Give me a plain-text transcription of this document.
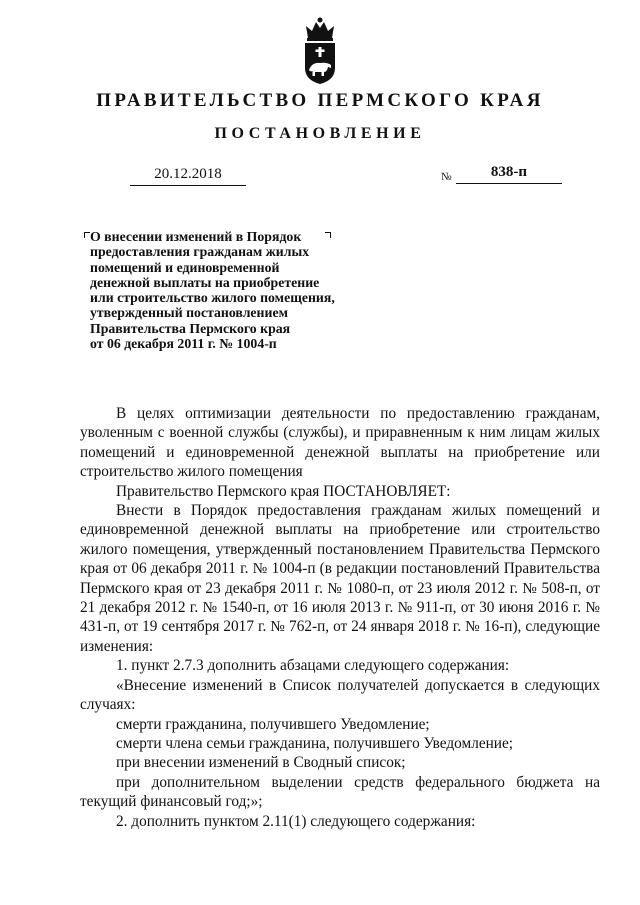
ПРАВИТЕЛЬСТВО ПЕРМСКОГО КРАЯ
ПОСТАНОВЛЕНИЕ
20.12.2018	№	838-п
О внесении изменений в Порядок
предоставления гражданам жилых
помещений и единовременной
денежной выплаты на приобретение
или строительство жилого помещения,
утвержденный постановлением
Правительства Пермского края
от 06 декабря 2011 г. № 1004-п

В целях оптимизации деятельности по предоставлению гражданам, уволенным с военной службы (службы), и приравненным к ним лицам жилых помещений и единовременной денежной выплаты на приобретение или строительство жилого помещения

Правительство Пермского края ПОСТАНОВЛЯЕТ:

Внести в Порядок предоставления гражданам жилых помещений и единовременной денежной выплаты на приобретение или строительство жилого помещения, утвержденный постановлением Правительства Пермского края от 06 декабря 2011 г. № 1004-п (в редакции постановлений Правительства Пермского края от 23 декабря 2011 г. № 1080-п, от 23 июля 2012 г. № 508-п, от 21 декабря 2012 г. № 1540-п, от 16 июля 2013 г. № 911-п, от 30 июня 2016 г. № 431-п, от 19 сентября 2017 г. № 762-п, от 24 января 2018 г. № 16-п), следующие изменения:

1. пункт 2.7.3 дополнить абзацами следующего содержания:

«Внесение изменений в Список получателей допускается в следующих случаях:

смерти гражданина, получившего Уведомление;

смерти члена семьи гражданина, получившего Уведомление;

при внесении изменений в Сводный список;

при дополнительном выделении средств федерального бюджета на текущий финансовый год;»;

2. дополнить пунктом 2.11(1) следующего содержания:
